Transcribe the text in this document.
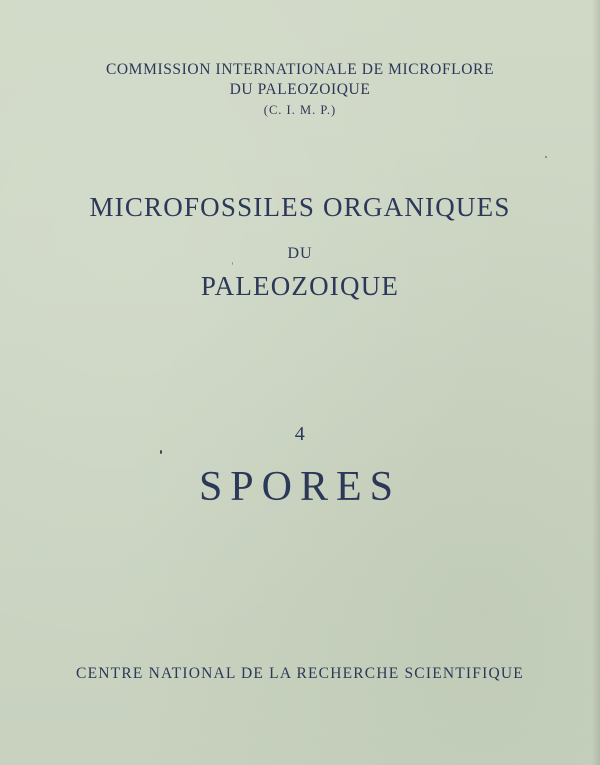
COMMISSION INTERNATIONALE DE MICROFLORE
DU PALEOZOIQUE
(C. I. M. P.)
MICROFOSSILES ORGANIQUES
DU
PALEOZOIQUE
4
SPORES
CENTRE NATIONAL DE LA RECHERCHE SCIENTIFIQUE
